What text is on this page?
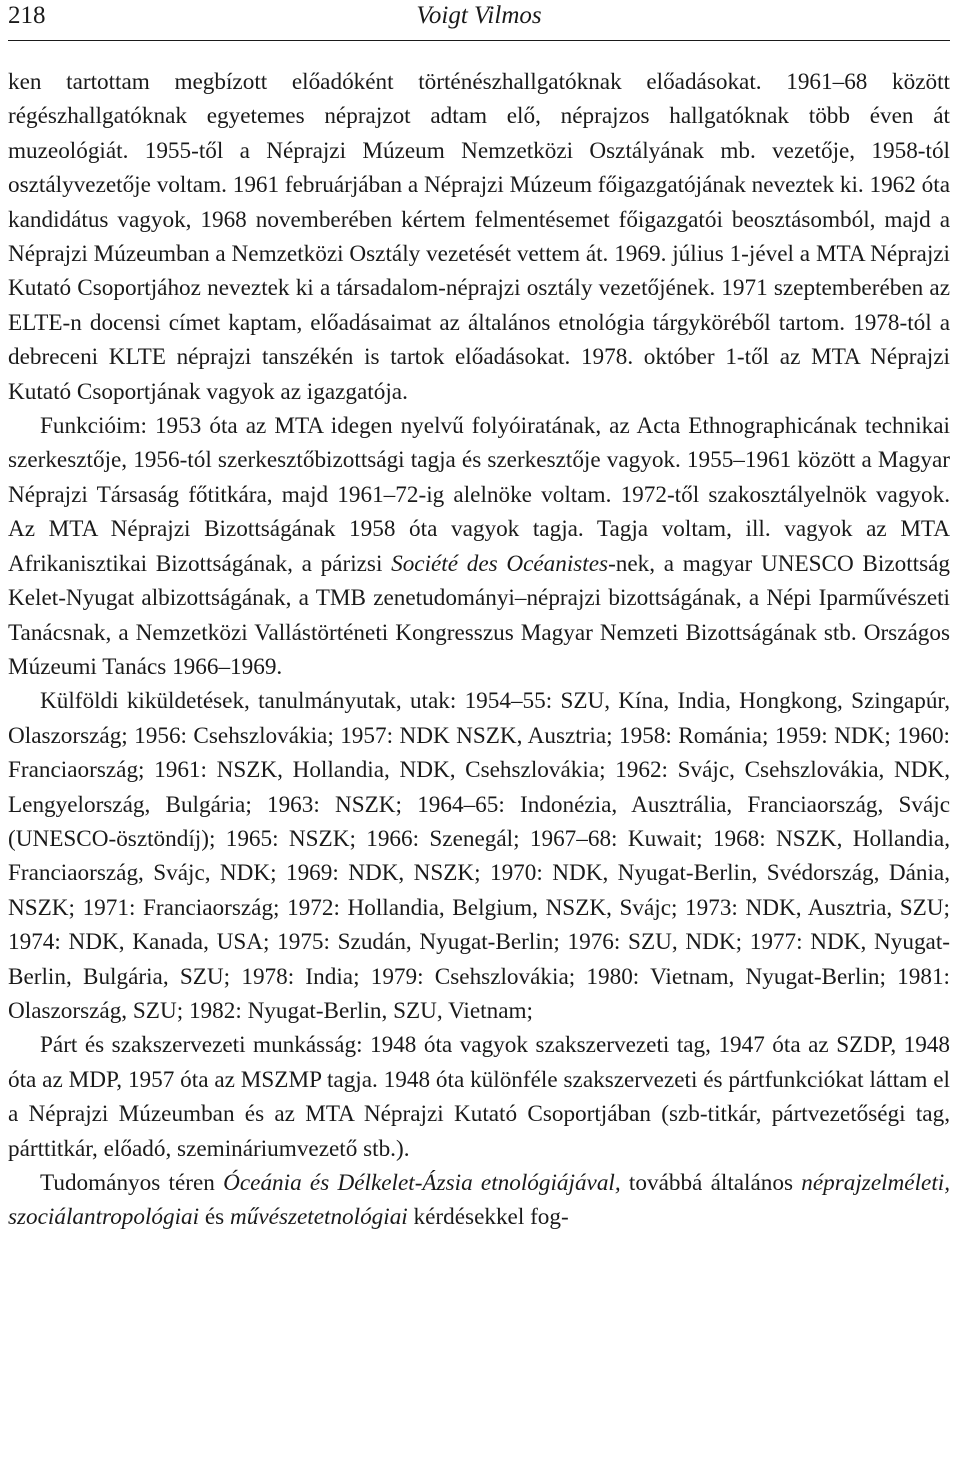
218	Voigt Vilmos

ken tartottam megbízott előadóként történészhallgatóknak előadásokat. 1961–68 között régészhallgatóknak egyetemes néprajzot adtam elő, néprajzos hallgatóknak több éven át muzeológiát. 1955-től a Néprajzi Múzeum Nemzetközi Osztályának mb. vezetője, 1958-tól osztályvezetője voltam. 1961 februárjában a Néprajzi Múzeum főigazgatójának neveztek ki. 1962 óta kandidátus vagyok, 1968 novemberében kértem felmentésemet főigazgatói beosztásomból, majd a Néprajzi Múzeumban a Nemzetközi Osztály vezetését vettem át. 1969. július 1-jével a MTA Néprajzi Kutató Csoportjához neveztek ki a társadalom-néprajzi osztály vezetőjének. 1971 szeptemberében az ELTE-n docensi címet kaptam, előadásaimat az általános etnológia tárgyköréből tartom. 1978-tól a debreceni KLTE néprajzi tanszékén is tartok előadásokat. 1978. október 1-től az MTA Néprajzi Kutató Csoportjának vagyok az igazgatója.

Funkcióim: 1953 óta az MTA idegen nyelvű folyóiratának, az Acta Ethnographicának technikai szerkesztője, 1956-tól szerkesztőbizottsági tagja és szerkesztője vagyok. 1955–1961 között a Magyar Néprajzi Társaság főtitkára, majd 1961–72-ig alelnöke voltam. 1972-től szakosztályelnök vagyok. Az MTA Néprajzi Bizottságának 1958 óta vagyok tagja. Tagja voltam, ill. vagyok az MTA Afrikanisztikai Bizottságának, a párizsi Société des Océanistes-nek, a magyar UNESCO Bizottság Kelet-Nyugat albizottságának, a TMB zenetudományi–néprajzi bizottságának, a Népi Iparművészeti Tanácsnak, a Nemzetközi Vallástörténeti Kongresszus Magyar Nemzeti Bizottságának stb. Országos Múzeumi Tanács 1966–1969.

Külföldi kiküldetések, tanulmányutak, utak: 1954–55: SZU, Kína, India, Hongkong, Szingapúr, Olaszország; 1956: Csehszlovákia; 1957: NDK NSZK, Ausztria; 1958: Románia; 1959: NDK; 1960: Franciaország; 1961: NSZK, Hollandia, NDK, Csehszlovákia; 1962: Svájc, Csehszlovákia, NDK, Lengyelország, Bulgária; 1963: NSZK; 1964–65: Indonézia, Ausztrália, Franciaország, Svájc (UNESCO-ösztöndíj); 1965: NSZK; 1966: Szenegál; 1967–68: Kuwait; 1968: NSZK, Hollandia, Franciaország, Svájc, NDK; 1969: NDK, NSZK; 1970: NDK, Nyugat-Berlin, Svédország, Dánia, NSZK; 1971: Franciaország; 1972: Hollandia, Belgium, NSZK, Svájc; 1973: NDK, Ausztria, SZU; 1974: NDK, Kanada, USA; 1975: Szudán, Nyugat-Berlin; 1976: SZU, NDK; 1977: NDK, Nyugat-Berlin, Bulgária, SZU; 1978: India; 1979: Csehszlovákia; 1980: Vietnam, Nyugat-Berlin; 1981: Olaszország, SZU; 1982: Nyugat-Berlin, SZU, Vietnam;

Párt és szakszervezeti munkásság: 1948 óta vagyok szakszervezeti tag, 1947 óta az SZDP, 1948 óta az MDP, 1957 óta az MSZMP tagja. 1948 óta különféle szakszervezeti és pártfunkciókat láttam el a Néprajzi Múzeumban és az MTA Néprajzi Kutató Csoportjában (szb-titkár, pártvezetőségi tag, párttitkár, előadó, szemináriumvezető stb.).

Tudományos téren Óceánia és Délkelet-Ázsia etnológiájával, továbbá általános néprajzelméleti, szociálantropológiai és művészetetnológiai kérdésekkel fog-
